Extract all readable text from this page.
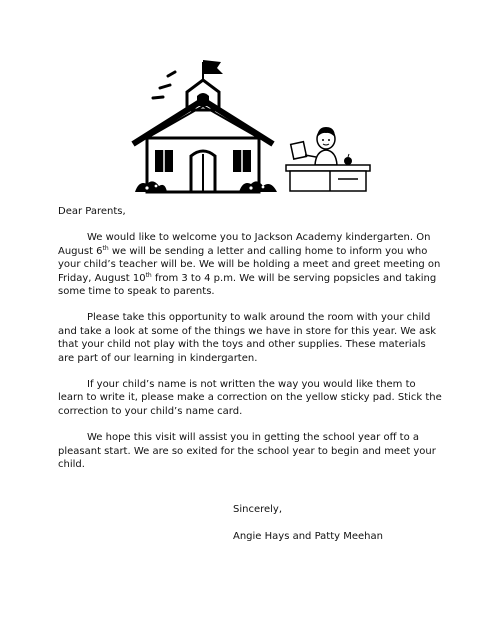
Dear Parents,

We would like to welcome you to Jackson Academy kindergarten. On August 6th we will be sending a letter and calling home to inform you who your child’s teacher will be. We will be holding a meet and greet meeting on Friday, August 10th from 3 to 4 p.m. We will be serving popsicles and taking some time to speak to parents.

Please take this opportunity to walk around the room with your child and take a look at some of the things we have in store for this year. We ask that your child not play with the toys and other supplies. These materials are part of our learning in kindergarten.

If your child’s name is not written the way you would like them to learn to write it, please make a correction on the yellow sticky pad. Stick the correction to your child’s name card.

We hope this visit will assist you in getting the school year off to a pleasant start. We are so exited for the school year to begin and meet your child.

Sincerely,
Angie Hays and Patty Meehan
